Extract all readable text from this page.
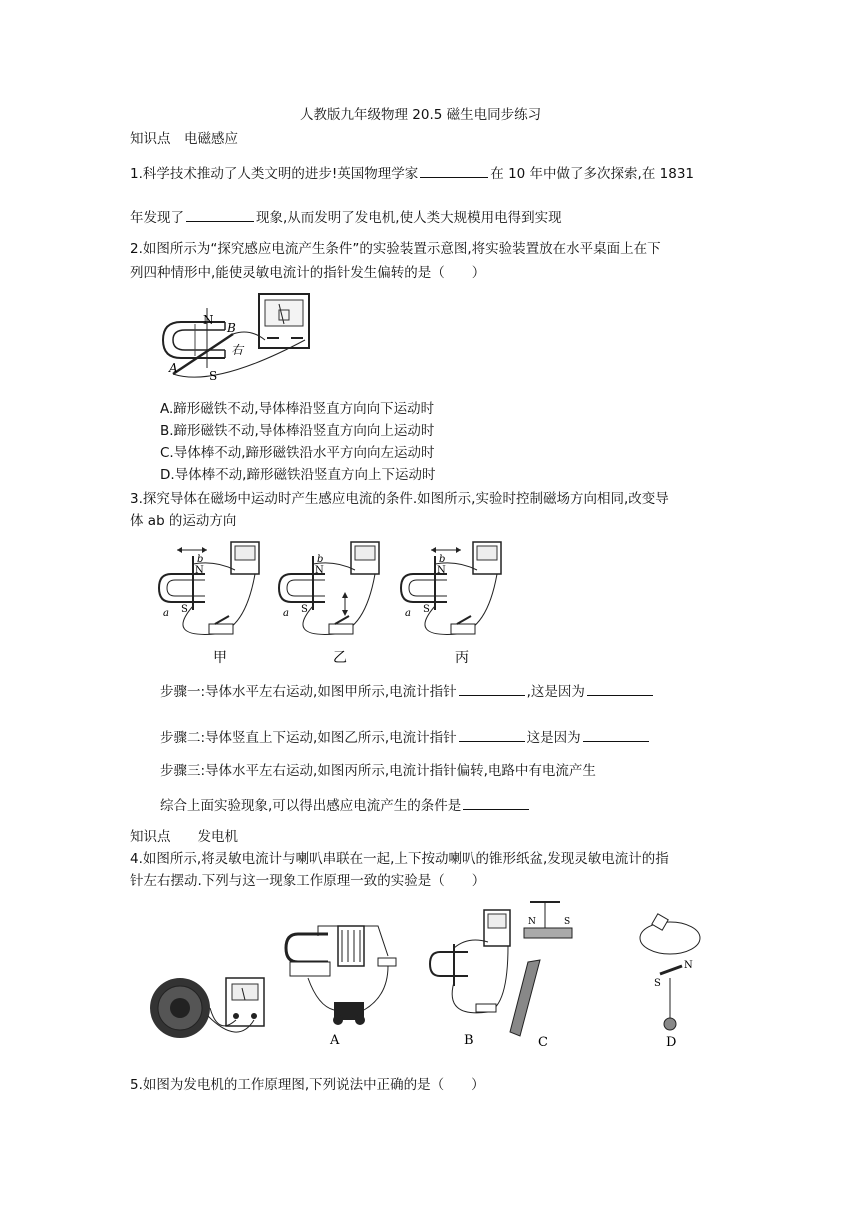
人教版九年级物理 20.5 磁生电同步练习
知识点　电磁感应
1.科学技术推动了人类文明的进步!英国物理学家	在 10 年中做了多次探索,在 1831
年发现了	现象,从而发明了发电机,使人类大规模用电得到实现
2.如图所示为“探究感应电流产生条件”的实验装置示意图,将实验装置放在水平桌面上在下
列四种情形中,能使灵敏电流计的指针发生偏转的是（　　）
N
B
右
S
A
A.蹄形磁铁不动,导体棒沿竖直方向向下运动时
B.蹄形磁铁不动,导体棒沿竖直方向向上运动时
C.导体棒不动,蹄形磁铁沿水平方向向左运动时
D.导体棒不动,蹄形磁铁沿竖直方向上下运动时
3.探究导体在磁场中运动时产生感应电流的条件.如图所示,实验时控制磁场方向相同,改变导
体 ab 的运动方向
N	N	N
S	S	S
a	a	a
b	b	b
甲	乙	丙
步骤一:导体水平左右运动,如图甲所示,电流计指针	,这是因为
步骤二:导体竖直上下运动,如图乙所示,电流计指针	这是因为
步骤三:导体水平左右运动,如图丙所示,电流计指针偏转,电路中有电流产生
综合上面实验现象,可以得出感应电流产生的条件是
知识点　　发电机
4.如图所示,将灵敏电流计与喇叭串联在一起,上下按动喇叭的锥形纸盆,发现灵敏电流计的指
针左右摆动.下列与这一现象工作原理一致的实验是（　　）
A	B
N	S
C
S
N
D
5.如图为发电机的工作原理图,下列说法中正确的是（　　）
